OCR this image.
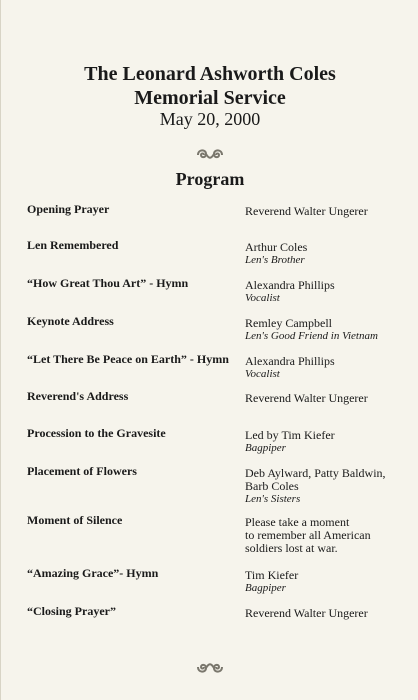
The Leonard Ashworth Coles
Memorial Service
May 20, 2000
Program
Opening Prayer	Reverend Walter Ungerer
Len Remembered	Arthur Coles
Len's Brother
“How Great Thou Art” - Hymn	Alexandra Phillips
Vocalist
Keynote Address	Remley Campbell
Len's Good Friend in Vietnam
“Let There Be Peace on Earth” - Hymn	Alexandra Phillips
Vocalist
Reverend's Address	Reverend Walter Ungerer
Procession to the Gravesite	Led by Tim Kiefer
Bagpiper
Placement of Flowers	Deb Aylward, Patty Baldwin,
Barb Coles
Len's Sisters
Moment of Silence	Please take a moment
to remember all American
soldiers lost at war.
“Amazing Grace”- Hymn	Tim Kiefer
Bagpiper
“Closing Prayer”	Reverend Walter Ungerer
